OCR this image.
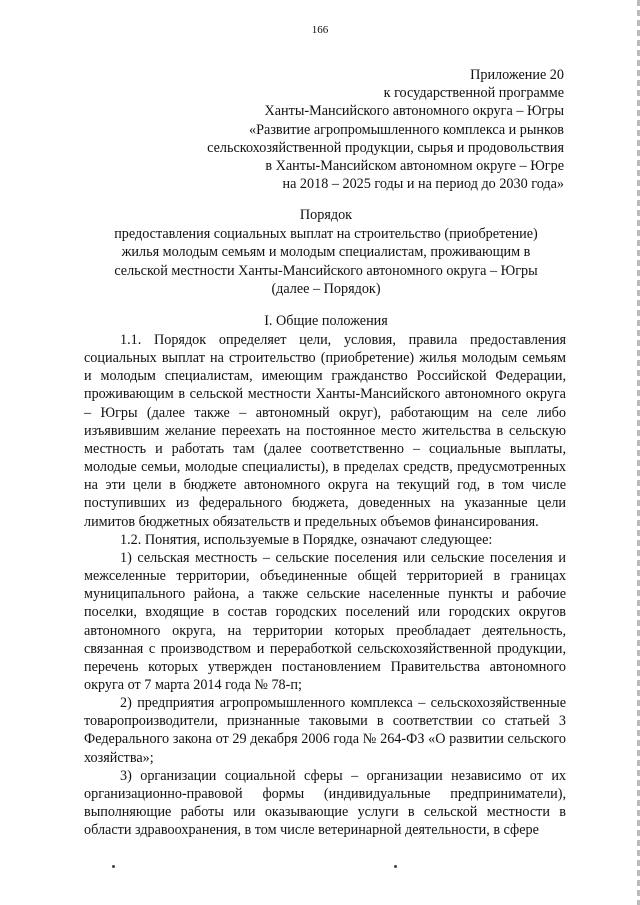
166
Приложение 20
к государственной программе
Ханты-Мансийского автономного округа – Югры
«Развитие агропромышленного комплекса и рынков
сельскохозяйственной продукции, сырья и продовольствия
в Ханты-Мансийском автономном округе – Югре
на 2018 – 2025 годы и на период до 2030 года»
Порядок
предоставления социальных выплат на строительство (приобретение)
жилья молодым семьям и молодым специалистам, проживающим в
сельской местности Ханты-Мансийского автономного округа – Югры
(далее – Порядок)
I. Общие положения

1.1. Порядок определяет цели, условия, правила предоставления социальных выплат на строительство (приобретение) жилья молодым семьям и молодым специалистам, имеющим гражданство Российской Федерации, проживающим в сельской местности Ханты-Мансийского автономного округа – Югры (далее также – автономный округ), работающим на селе либо изъявившим желание переехать на постоянное место жительства в сельскую местность и работать там (далее соответственно – социальные выплаты, молодые семьи, молодые специалисты), в пределах средств, предусмотренных на эти цели в бюджете автономного округа на текущий год, в том числе поступивших из федерального бюджета, доведенных на указанные цели лимитов бюджетных обязательств и предельных объемов финансирования.

1.2. Понятия, используемые в Порядке, означают следующее:

1) сельская местность – сельские поселения или сельские поселения и межселенные территории, объединенные общей территорией в границах муниципального района, а также сельские населенные пункты и рабочие поселки, входящие в состав городских поселений или городских округов автономного округа, на территории которых преобладает деятельность, связанная с производством и переработкой сельскохозяйственной продукции, перечень которых утвержден постановлением Правительства автономного округа от 7 марта 2014 года № 78-п;

2) предприятия агропромышленного комплекса – сельскохозяйственные товаропроизводители, признанные таковыми в соответствии со статьей 3 Федерального закона от 29 декабря 2006 года № 264-ФЗ «О развитии сельского хозяйства»;

3) организации социальной сферы – организации независимо от их организационно-правовой формы (индивидуальные предприниматели), выполняющие работы или оказывающие услуги в сельской местности в области здравоохранения, в том числе ветеринарной деятельности, в сфере
